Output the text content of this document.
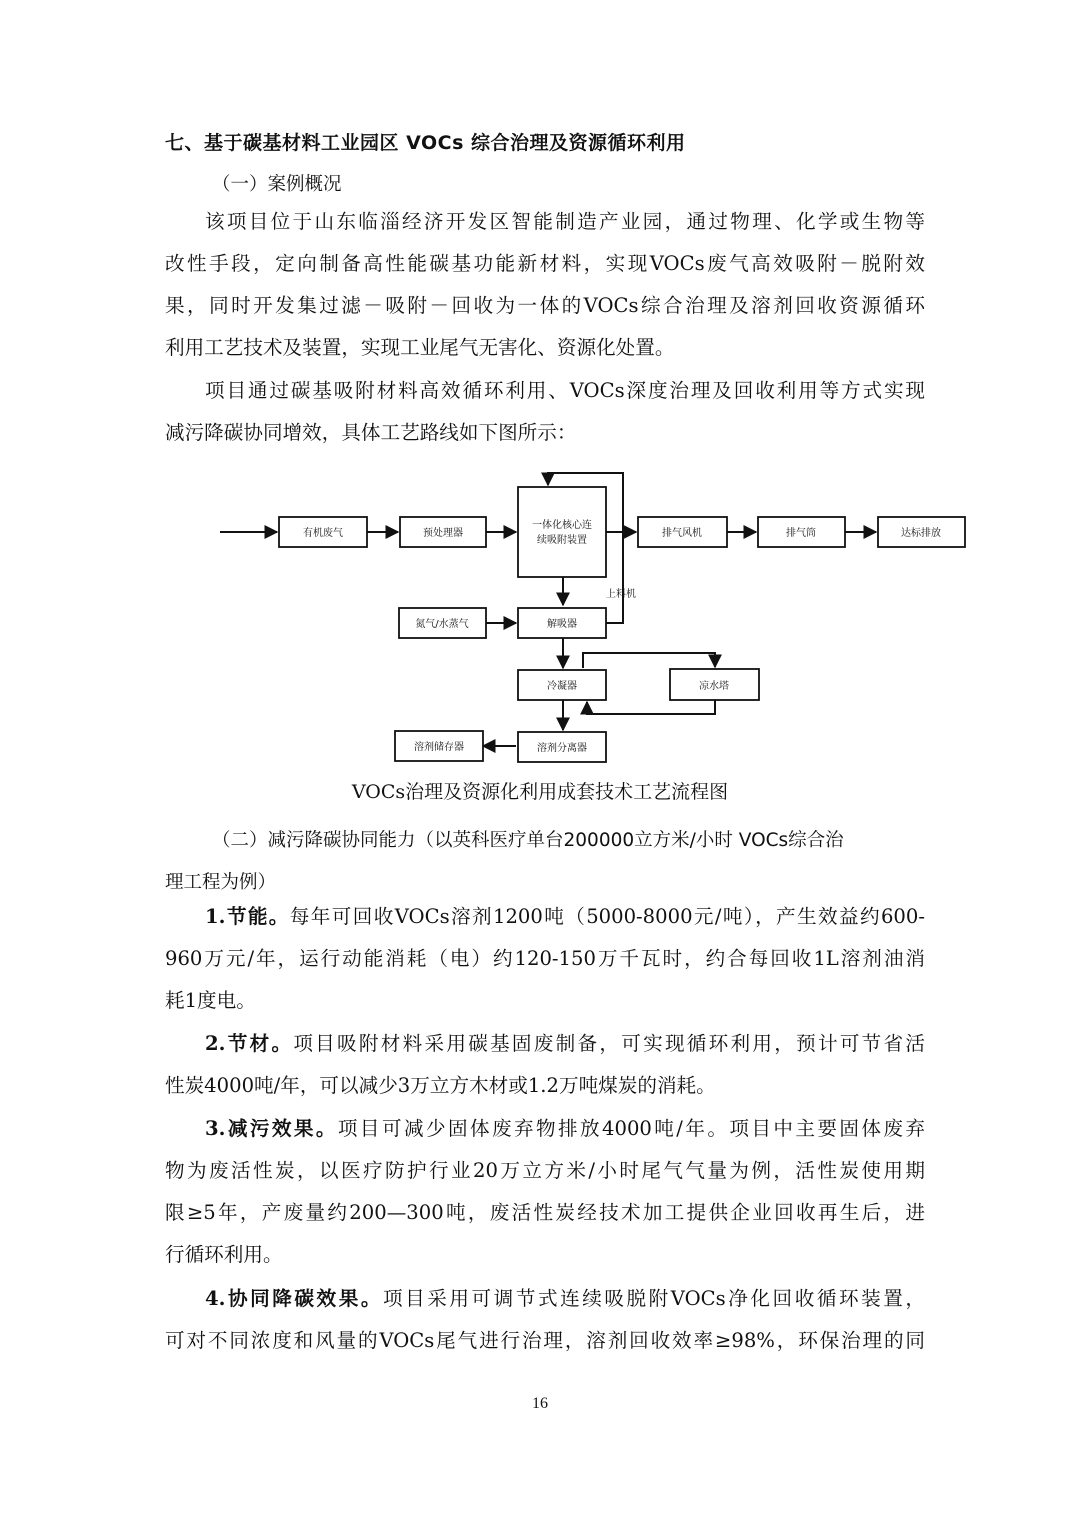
七、基于碳基材料工业园区 VOCs 综合治理及资源循环利用
（一）案例概况
该项目位于山东临淄经济开发区智能制造产业园，通过物理、化学或生物等
改性手段，定向制备高性能碳基功能新材料，实现VOCs废气高效吸附－脱附效
果，同时开发集过滤－吸附－回收为一体的VOCs综合治理及溶剂回收资源循环
利用工艺技术及装置，实现工业尾气无害化、资源化处置。
项目通过碳基吸附材料高效循环利用、VOCs深度治理及回收利用等方式实现
减污降碳协同增效，具体工艺路线如下图所示：
有机废气	预处理器
一体化核心连
续吸附装置
排气风机	排气筒	达标排放
氮气/水蒸气	解吸器
冷凝器	凉水塔
溶剂储存器	溶剂分离器
上料机
VOCs治理及资源化利用成套技术工艺流程图
（二）减污降碳协同能力（以英科医疗单台200000立方米/小时 VOCs综合治
理工程为例）
1.节能。每年可回收VOCs溶剂1200吨（5000-8000元/吨），产生效益约600-
960万元/年，运行动能消耗（电）约120-150万千瓦时，约合每回收1L溶剂油消
耗1度电。
2.节材。项目吸附材料采用碳基固废制备，可实现循环利用，预计可节省活
性炭4000吨/年，可以减少3万立方木材或1.2万吨煤炭的消耗。
3.减污效果。项目可减少固体废弃物排放4000吨/年。项目中主要固体废弃
物为废活性炭，以医疗防护行业20万立方米/小时尾气气量为例，活性炭使用期
限≥5年，产废量约200—300吨，废活性炭经技术加工提供企业回收再生后，进
行循环利用。
4.协同降碳效果。项目采用可调节式连续吸脱附VOCs净化回收循环装置，
可对不同浓度和风量的VOCs尾气进行治理，溶剂回收效率≥98%，环保治理的同
16
